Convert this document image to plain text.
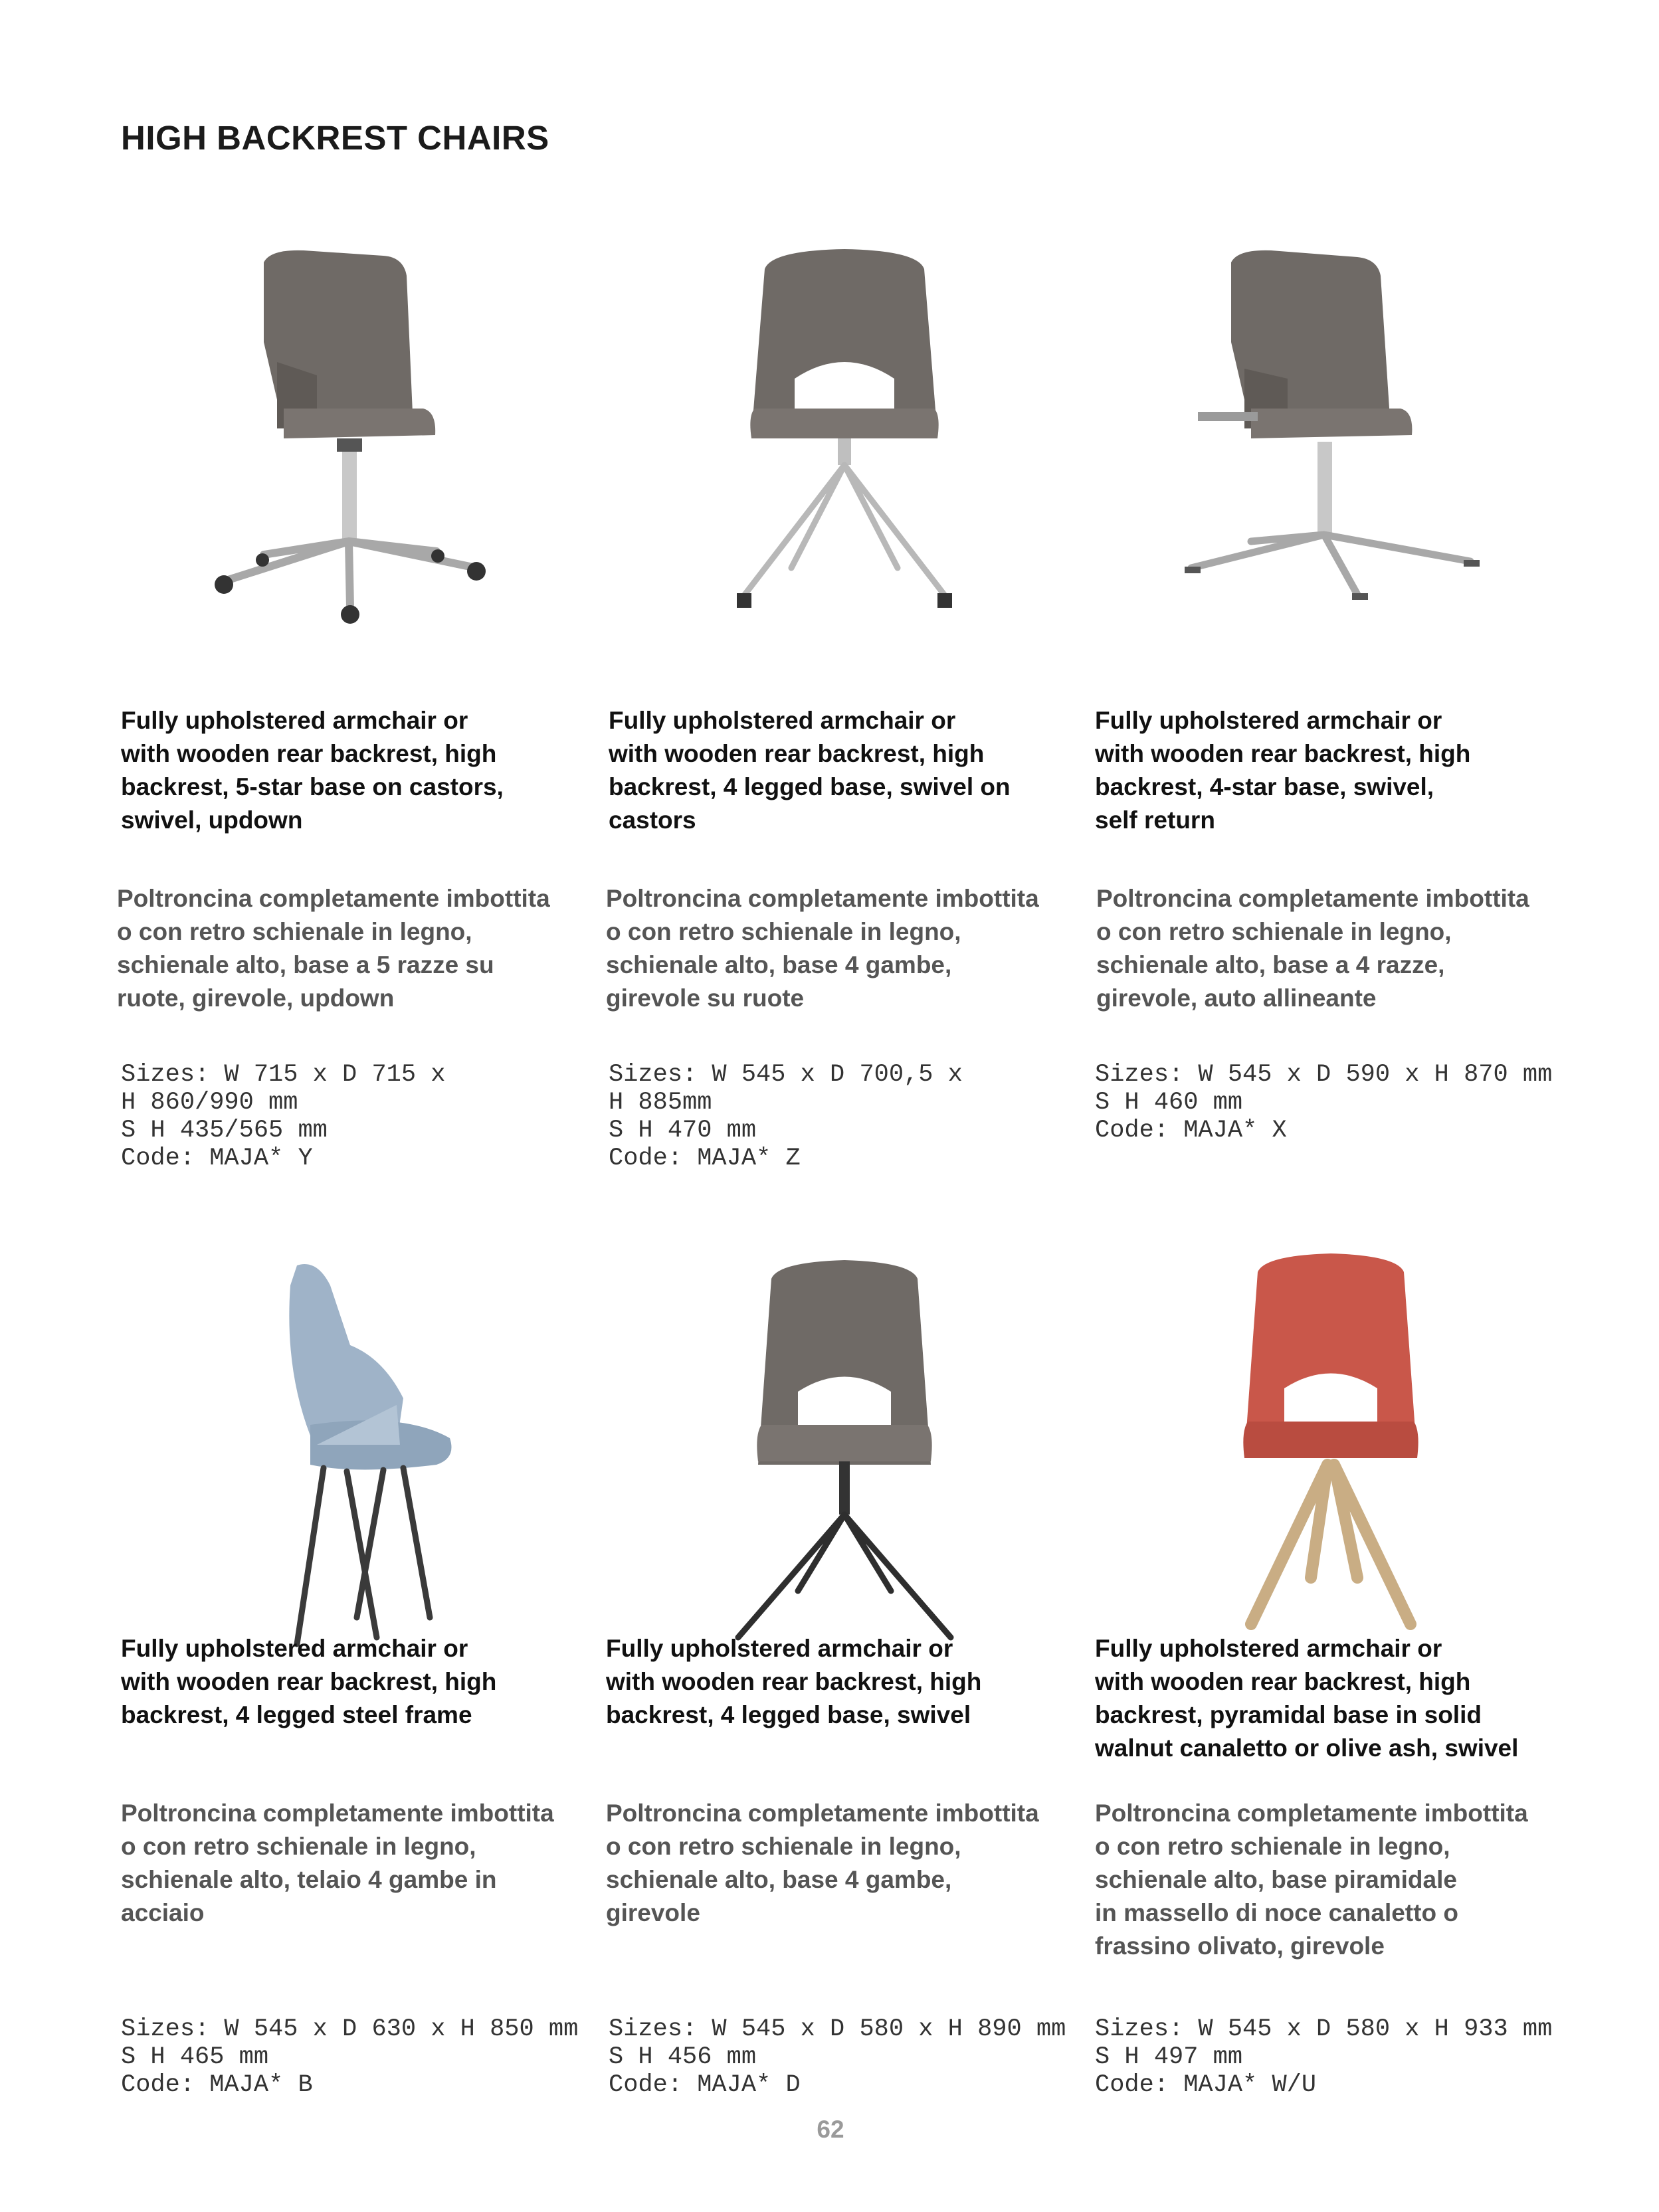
HIGH BACKREST CHAIRS
Fully upholstered armchair or
with wooden rear backrest, high
backrest, 5-star base on castors,
swivel, updown
Poltroncina completamente imbottita
o con retro schienale in legno,
schienale alto, base a 5 razze su
ruote, girevole, updown
Sizes: W 715 x D 715 x
H 860/990 mm
S H 435/565 mm
Code: MAJA* Y
Fully upholstered armchair or
with wooden rear backrest, high
backrest, 4 legged base, swivel on
castors
Poltroncina completamente imbottita
o con retro schienale in legno,
schienale alto, base 4 gambe,
girevole su ruote
Sizes: W 545 x D 700,5 x
H 885mm
S H 470 mm
Code: MAJA* Z
Fully upholstered armchair or
with wooden rear backrest, high
backrest, 4-star base, swivel,
self return
Poltroncina completamente imbottita
o con retro schienale in legno,
schienale alto, base a 4 razze,
girevole, auto allineante
Sizes: W 545 x D 590 x H 870 mm
S H 460 mm
Code: MAJA* X
Fully upholstered armchair or
with wooden rear backrest, high
backrest, 4 legged steel frame
Poltroncina completamente imbottita
o con retro schienale in legno,
schienale alto, telaio 4 gambe in
acciaio
Sizes: W 545 x D 630 x H 850 mm
S H 465 mm
Code: MAJA* B
Fully upholstered armchair or
with wooden rear backrest, high
backrest, 4 legged base, swivel
Poltroncina completamente imbottita
o con retro schienale in legno,
schienale alto, base 4 gambe,
girevole
Sizes: W 545 x D 580 x H 890 mm
S H 456 mm
Code: MAJA* D
Fully upholstered armchair or
with wooden rear backrest, high
backrest, pyramidal base in solid
walnut canaletto or olive ash, swivel
Poltroncina completamente imbottita
o con retro schienale in legno,
schienale alto, base piramidale
in massello di noce canaletto o
frassino olivato, girevole
Sizes: W 545 x D 580 x H 933 mm
S H 497 mm
Code: MAJA* W/U
62
